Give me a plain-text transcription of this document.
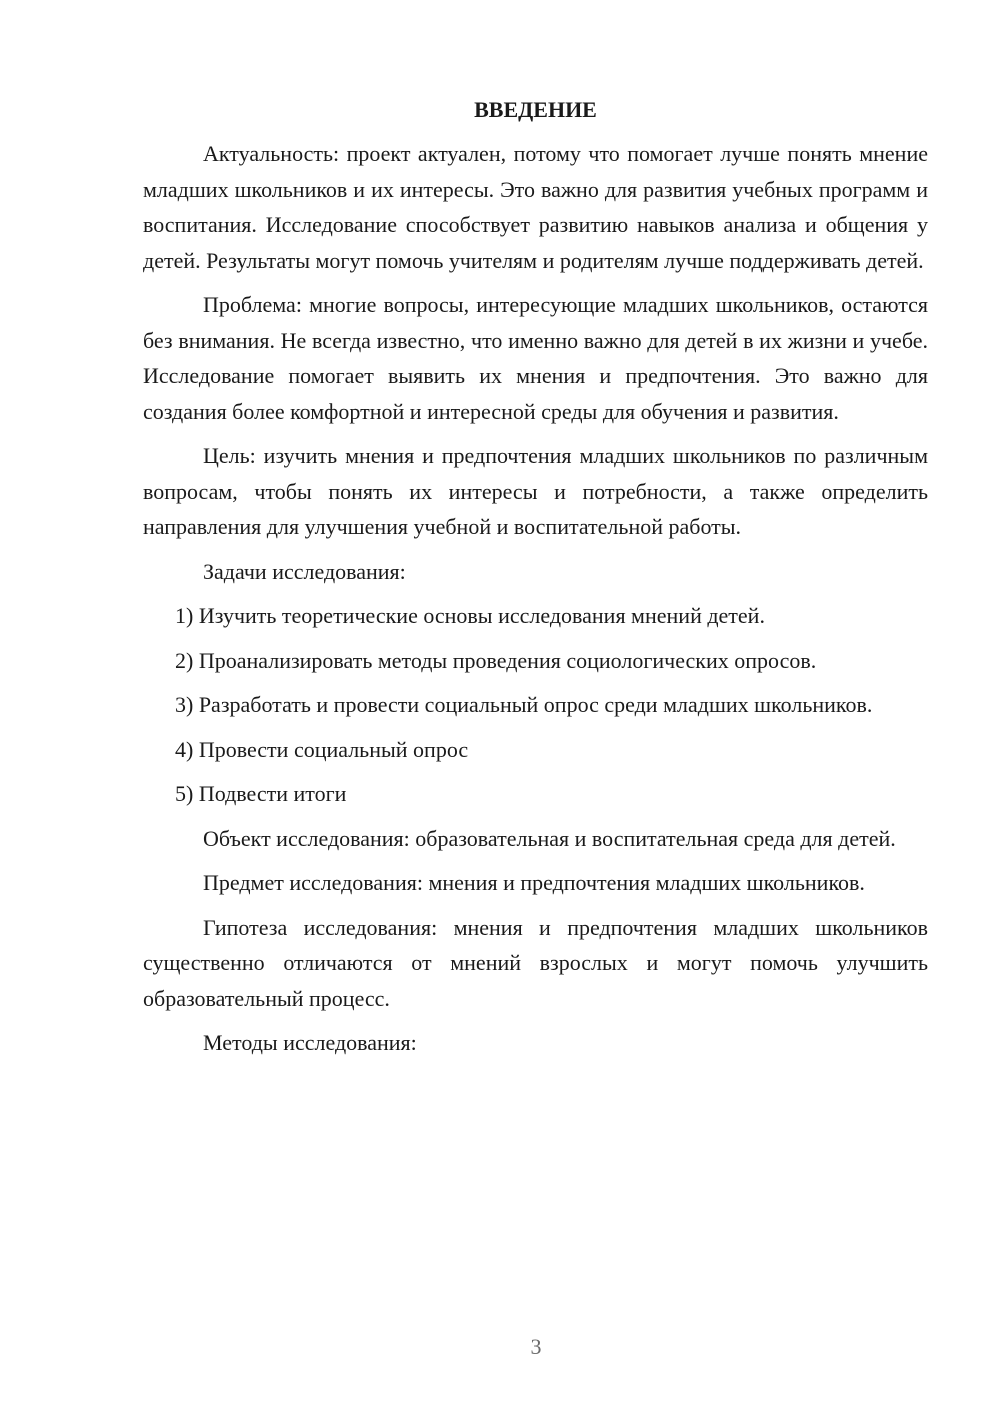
ВВЕДЕНИЕ

Актуальность: проект актуален, потому что помогает лучше понять мнение младших школьников и их интересы. Это важно для развития учебных программ и воспитания. Исследование способствует развитию навыков анализа и общения у детей. Результаты могут помочь учителям и родителям лучше поддерживать детей.

Проблема: многие вопросы, интересующие младших школьников, остаются без внимания. Не всегда известно, что именно важно для детей в их жизни и учебе. Исследование помогает выявить их мнения и предпочтения. Это важно для создания более комфортной и интересной среды для обучения и развития.

Цель: изучить мнения и предпочтения младших школьников по различным вопросам, чтобы понять их интересы и потребности, а также определить направления для улучшения учебной и воспитательной работы.

Задачи исследования:

1) Изучить теоретические основы исследования мнений детей.

2) Проанализировать методы проведения социологических опросов.

3) Разработать и провести социальный опрос среди младших школьников.

4) Провести социальный опрос

5) Подвести итоги

Объект исследования: образовательная и воспитательная среда для детей.

Предмет исследования: мнения и предпочтения младших школьников.

Гипотеза исследования: мнения и предпочтения младших школьников существенно отличаются от мнений взрослых и могут помочь улучшить образовательный процесс.

Методы исследования:

3
